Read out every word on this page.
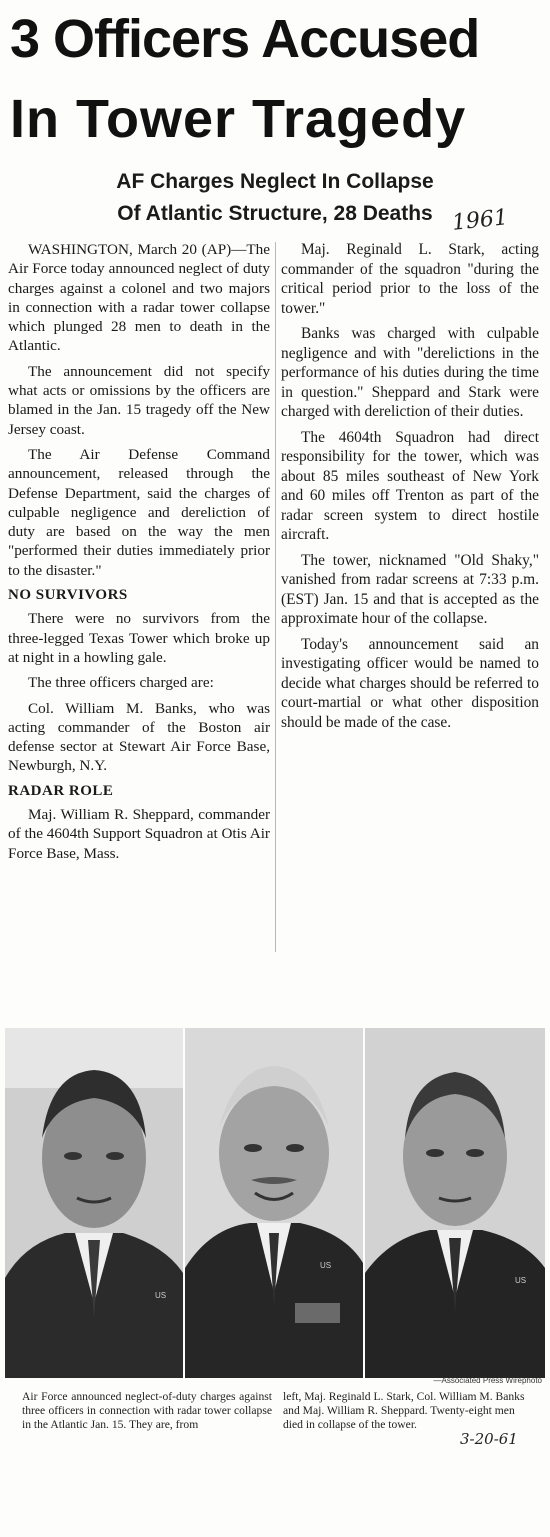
3 Officers Accused
In Tower Tragedy
AF Charges Neglect In Collapse
Of Atlantic Structure, 28 Deaths 1961

WASHINGTON, March 20 (AP)—The Air Force today announced neglect of duty charges against a colonel and two majors in connection with a radar tower collapse which plunged 28 men to death in the Atlantic.

The announcement did not specify what acts or omissions by the officers are blamed in the Jan. 15 tragedy off the New Jersey coast.

The Air Defense Command announcement, released through the Defense Department, said the charges of culpable negligence and dereliction of duty are based on the way the men "performed their duties immediately prior to the disaster."

NO SURVIVORS

There were no survivors from the three-legged Texas Tower which broke up at night in a howling gale.

The three officers charged are:

Col. William M. Banks, who was acting commander of the Boston air defense sector at Stewart Air Force Base, Newburgh, N.Y.

RADAR ROLE

Maj. William R. Sheppard, commander of the 4604th Support Squadron at Otis Air Force Base, Mass.

Maj. Reginald L. Stark, acting commander of the squadron "during the critical period prior to the loss of the tower."

Banks was charged with culpable negligence and with "derelictions in the performance of his duties during the time in question." Sheppard and Stark were charged with dereliction of their duties.

The 4604th Squadron had direct responsibility for the tower, which was about 85 miles southeast of New York and 60 miles off Trenton as part of the radar screen system to direct hostile aircraft.

The tower, nicknamed "Old Shaky," vanished from radar screens at 7:33 p.m. (EST) Jan. 15 and that is accepted as the approximate hour of the collapse.

Today's announcement said an investigating officer would be named to decide what charges should be referred to court-martial or what other disposition should be made of the case.

US
US
US
—Associated Press Wirephoto
Air Force announced neglect-of-duty charges against three officers in connection with radar tower collapse in the Atlantic Jan. 15. They are, from
left, Maj. Reginald L. Stark, Col. William M. Banks and Maj. William R. Sheppard. Twenty-eight men died in collapse of the tower.
3-20-61
